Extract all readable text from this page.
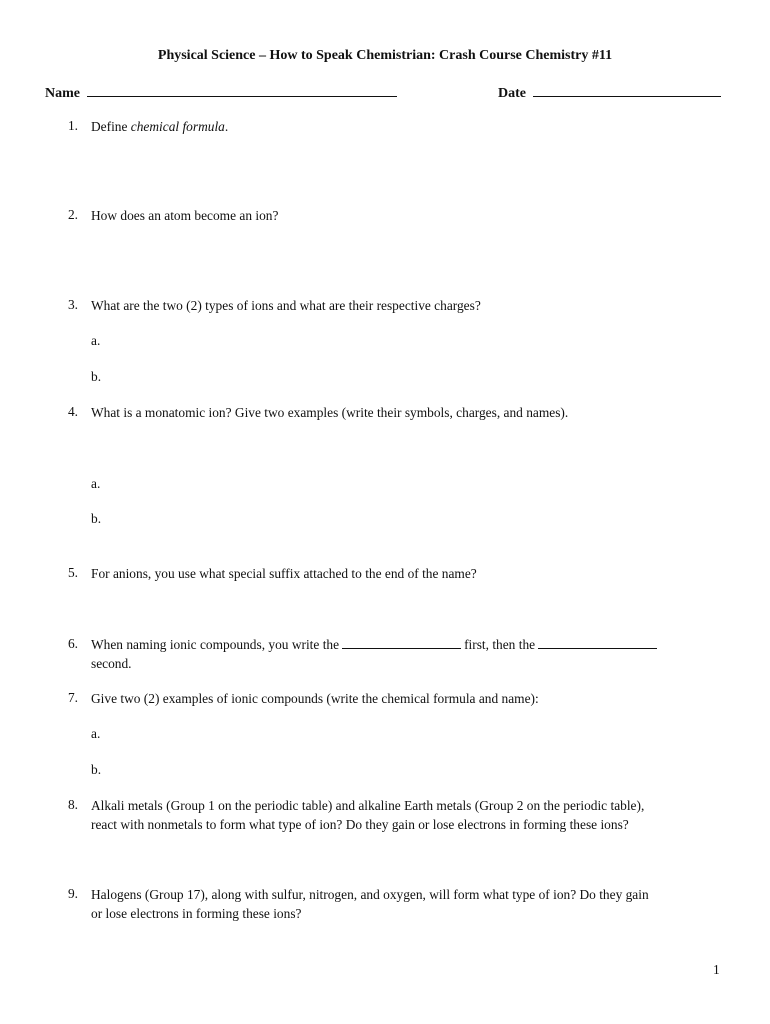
Physical Science – How to Speak Chemistrian: Crash Course Chemistry #11
Name	Date
1. Define chemical formula.
2. How does an atom become an ion?
3. What are the two (2) types of ions and what are their respective charges?
a.
b.
4. What is a monatomic ion? Give two examples (write their symbols, charges, and names).
a.
b.
5. For anions, you use what special suffix attached to the end of the name?
6. When naming ionic compounds, you write the	first, then the
second.
7. Give two (2) examples of ionic compounds (write the chemical formula and name):
a.
b.
8. Alkali metals (Group 1 on the periodic table) and alkaline Earth metals (Group 2 on the periodic table),
react with nonmetals to form what type of ion? Do they gain or lose electrons in forming these ions?
9. Halogens (Group 17), along with sulfur, nitrogen, and oxygen, will form what type of ion? Do they gain
or lose electrons in forming these ions?
1
